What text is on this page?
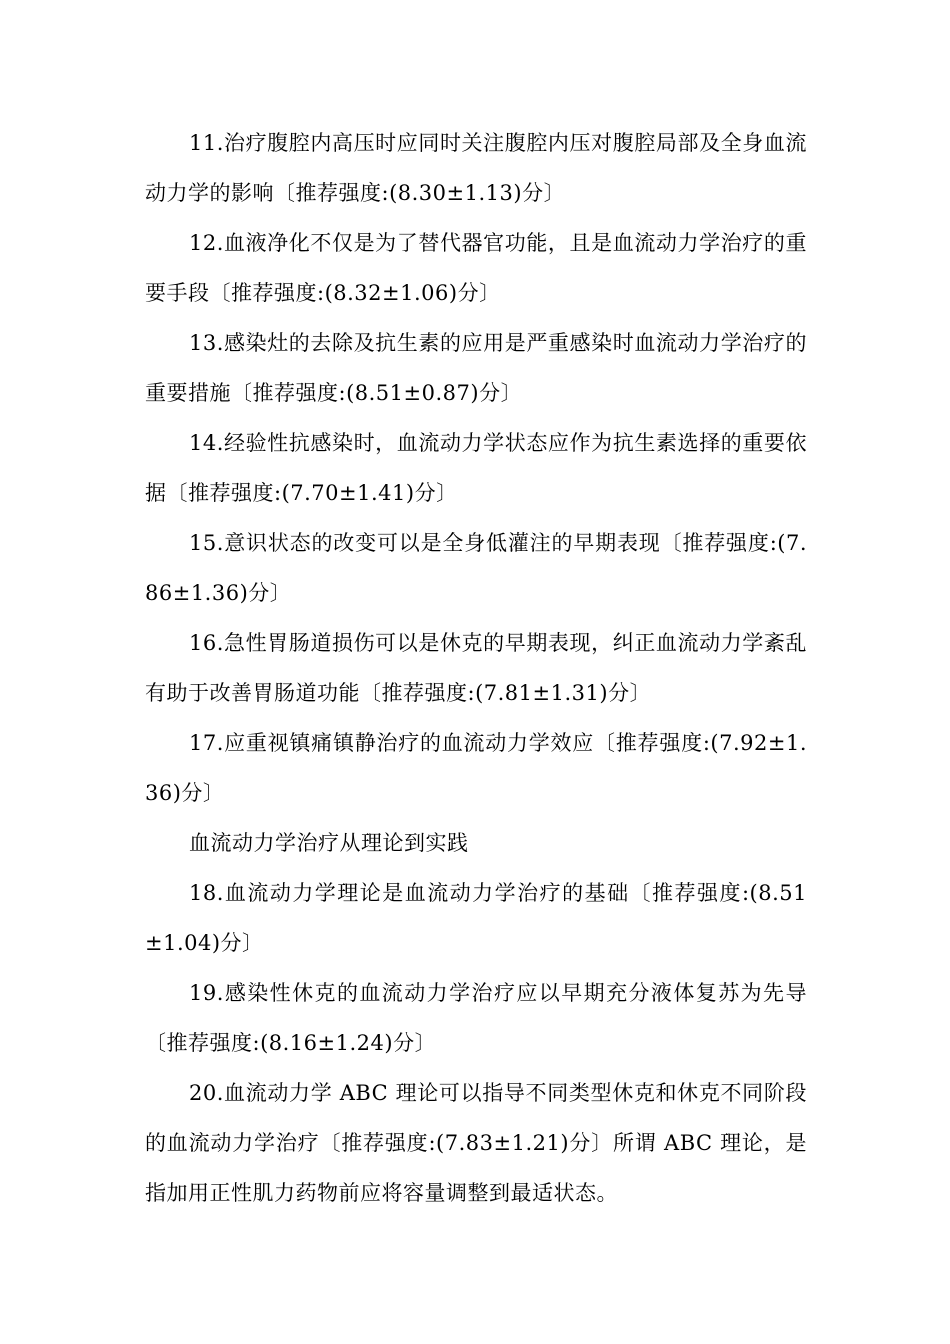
11.治疗腹腔内高压时应同时关注腹腔内压对腹腔局部及全身血流动力学的影响〔推荐强度:(8.30±1.13)分〕

12.血液净化不仅是为了替代器官功能，且是血流动力学治疗的重要手段〔推荐强度:(8.32±1.06)分〕

13.感染灶的去除及抗生素的应用是严重感染时血流动力学治疗的重要措施〔推荐强度:(8.51±0.87)分〕

14.经验性抗感染时，血流动力学状态应作为抗生素选择的重要依据〔推荐强度:(7.70±1.41)分〕

15.意识状态的改变可以是全身低灌注的早期表现〔推荐强度:(7.86±1.36)分〕

16.急性胃肠道损伤可以是休克的早期表现，纠正血流动力学紊乱有助于改善胃肠道功能〔推荐强度:(7.81±1.31)分〕

17.应重视镇痛镇静治疗的血流动力学效应〔推荐强度:(7.92±1.36)分〕

血流动力学治疗从理论到实践

18.血流动力学理论是血流动力学治疗的基础〔推荐强度:(8.51±1.04)分〕

19.感染性休克的血流动力学治疗应以早期充分液体复苏为先导〔推荐强度:(8.16±1.24)分〕

20.血流动力学 ABC 理论可以指导不同类型休克和休克不同阶段的血流动力学治疗〔推荐强度:(7.83±1.21)分〕所谓 ABC 理论，是指加用正性肌力药物前应将容量调整到最适状态。
